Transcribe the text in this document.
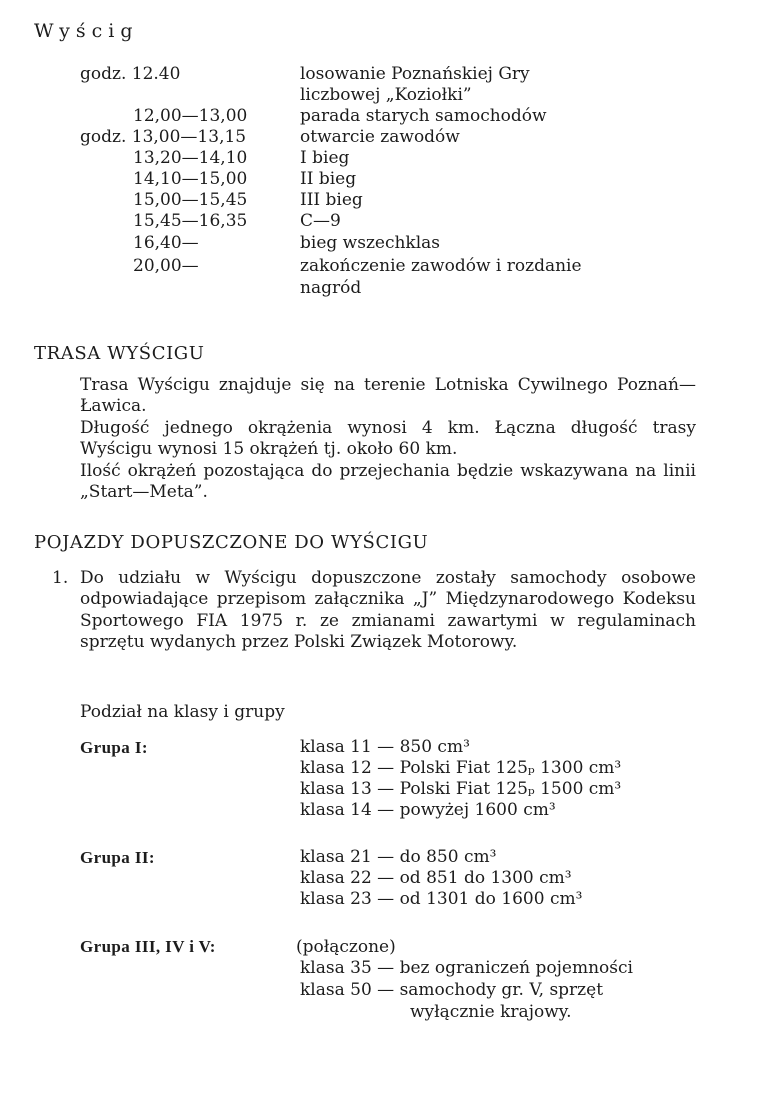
Wyścig
godz. 12.40	losowanie Poznańskiej Gry
liczbowej „Koziołki”
12,00—13,00	parada starych samochodów
godz. 13,00—13,15	otwarcie zawodów
13,20—14,10	I bieg
14,10—15,00	II bieg
15,00—15,45	III bieg
15,45—16,35	C—9
16,40—	bieg wszechklas
20,00—	zakończenie zawodów i rozdanie
nagród
TRASA WYŚCIGU
Trasa Wyścigu znajduje się na terenie Lotniska Cywilnego Poznań—Ławica.
Długość jednego okrążenia wynosi 4 km. Łączna długość trasy Wyścigu wynosi 15 okrążeń tj. około 60 km.
Ilość okrążeń pozostająca do przejechania będzie wskazywana na linii „Start—Meta”.
POJAZDY DOPUSZCZONE DO WYŚCIGU
1. Do udziału w Wyścigu dopuszczone zostały samochody osobowe odpowiadające przepisom załącznika „J” Międzynarodowego Kodeksu Sportowego FIA 1975 r. ze zmianami zawartymi w regulaminach sprzętu wydanych przez Polski Związek Motorowy.
Podział na klasy i grupy
Grupa I:	klasa 11 — 850 cm³
klasa 12 — Polski Fiat 125ₚ 1300 cm³
klasa 13 — Polski Fiat 125ₚ 1500 cm³
klasa 14 — powyżej 1600 cm³
Grupa II:	klasa 21 — do 850 cm³
klasa 22 — od 851 do 1300 cm³
klasa 23 — od 1301 do 1600 cm³
Grupa III, IV i V:	(połączone)
klasa 35 — bez ograniczeń pojemności
klasa 50 — samochody gr. V, sprzęt
wyłącznie krajowy.
